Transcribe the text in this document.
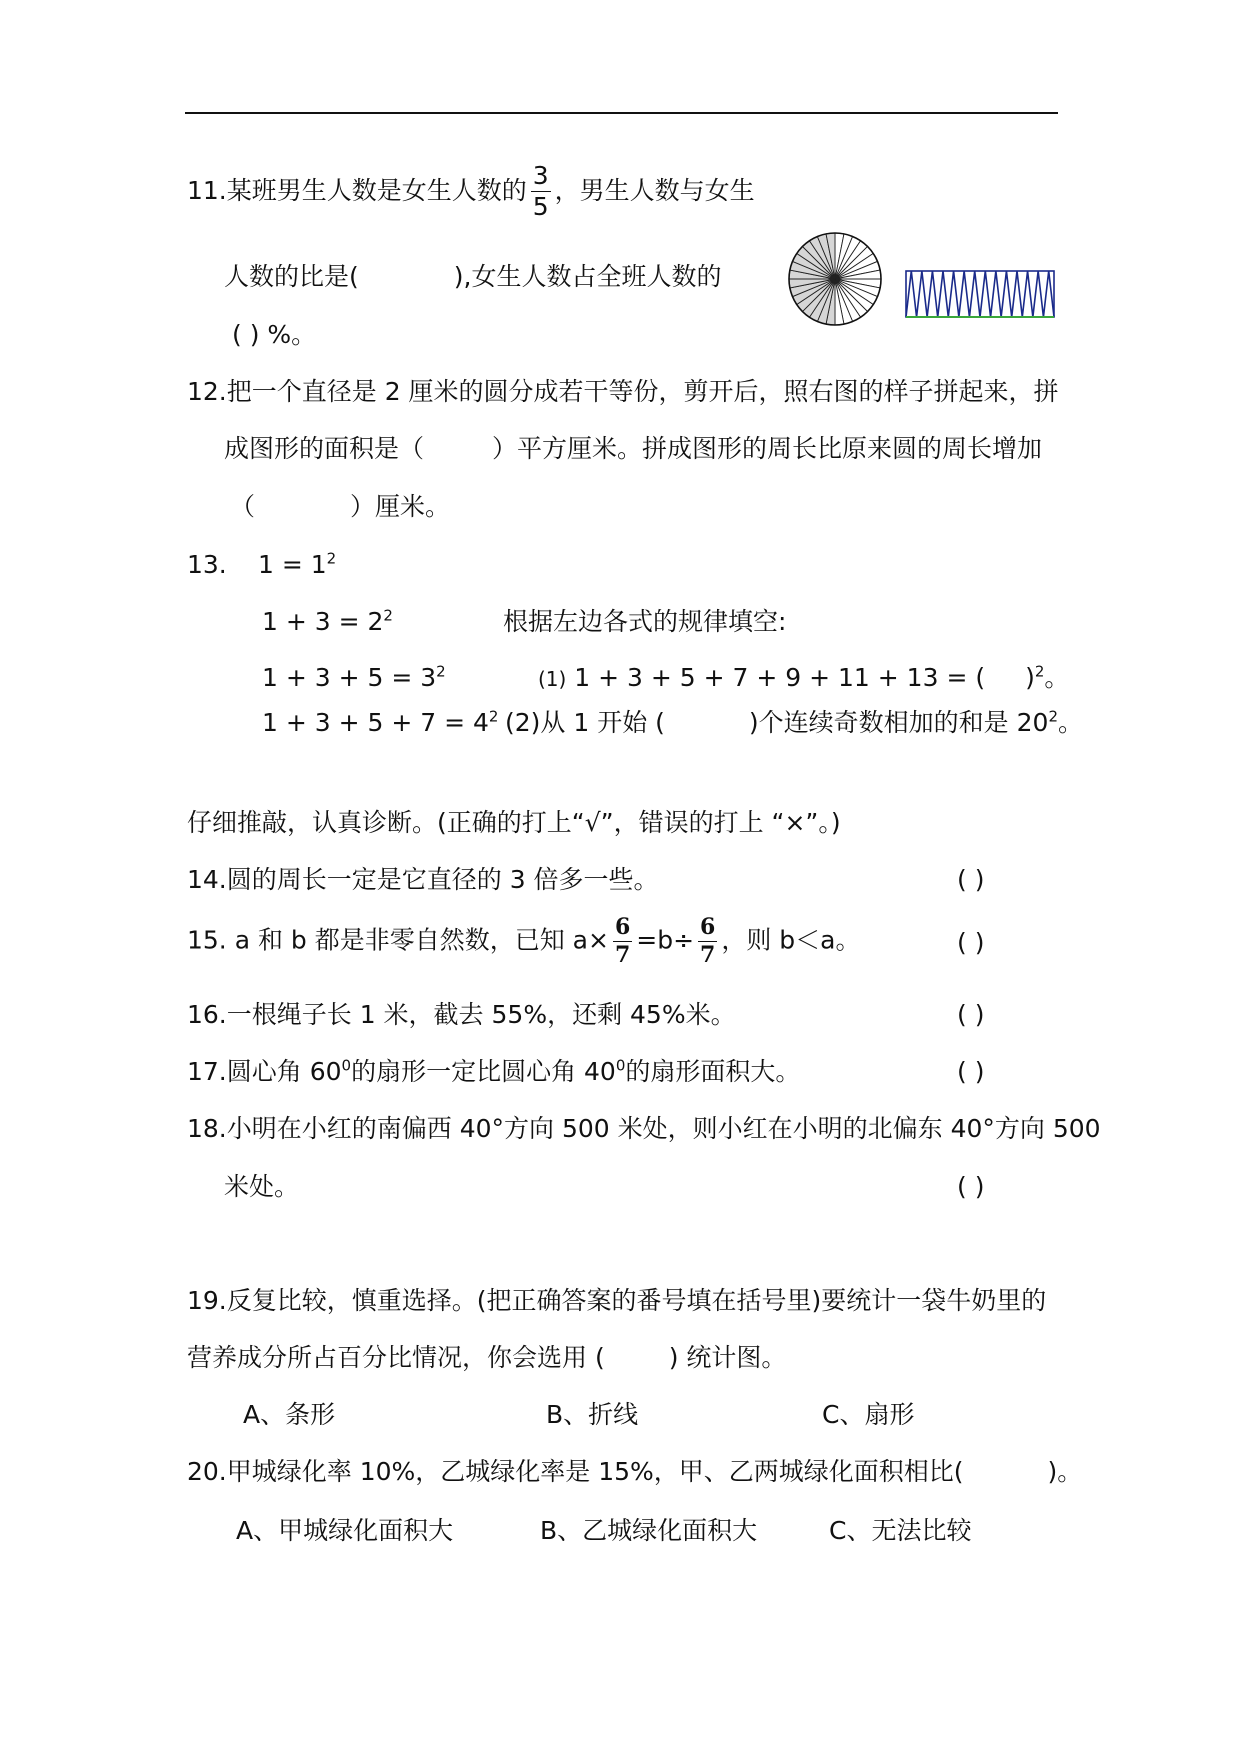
11.某班男生人数是女生人数的 $\frac{3}{5}$ ，男生人数与女生
人数的比是(	),女生人数占全班人数的
( ) %。
12.把一个直径是 2 厘米的圆分成若干等份，剪开后，照右图的样子拼起来，拼
成图形的面积是（	）平方厘米。拼成图形的周长比原来圆的周长增加
（	）厘米。
13. $1 = 1^2$
$1 + 3 = 2^2$
$1 + 3 + 5 = 3^2$
$1 + 3 + 5 + 7 = 4^2$
根据左边各式的规律填空:
(1) 1 + 3 + 5 + 7 + 9 + 11 + 13 = ( )$^2$。
(2)从 1 开始 (	)个连续奇数相加的和是 $20^2$。
仔细推敲，认真诊断。(正确的打上“√”，错误的打上 “×”。)
14.圆的周长一定是它直径的 3 倍多一些。	( )
15. a 和 b 都是非零自然数，已知 $a\times \frac{6}{7} =b\div \frac{6}{7}$ ，则 b＜a。	( )
16.一根绳子长 1 米，截去 55%，还剩 45%米。	( )
17.圆心角 $60^0$的扇形一定比圆心角 $40^0$的扇形面积大。	( )
18.小明在小红的南偏西 40°方向 500 米处，则小红在小明的北偏东 40°方向 500
米处。	( )
19.反复比较，慎重选择。(把正确答案的番号填在括号里)要统计一袋牛奶里的
营养成分所占百分比情况，你会选用 (	) 统计图。
A、条形	B、折线	C、扇形
20.甲城绿化率 10%，乙城绿化率是 15%，甲、乙两城绿化面积相比(	)。
A、甲城绿化面积大	B、乙城绿化面积大	C、无法比较
